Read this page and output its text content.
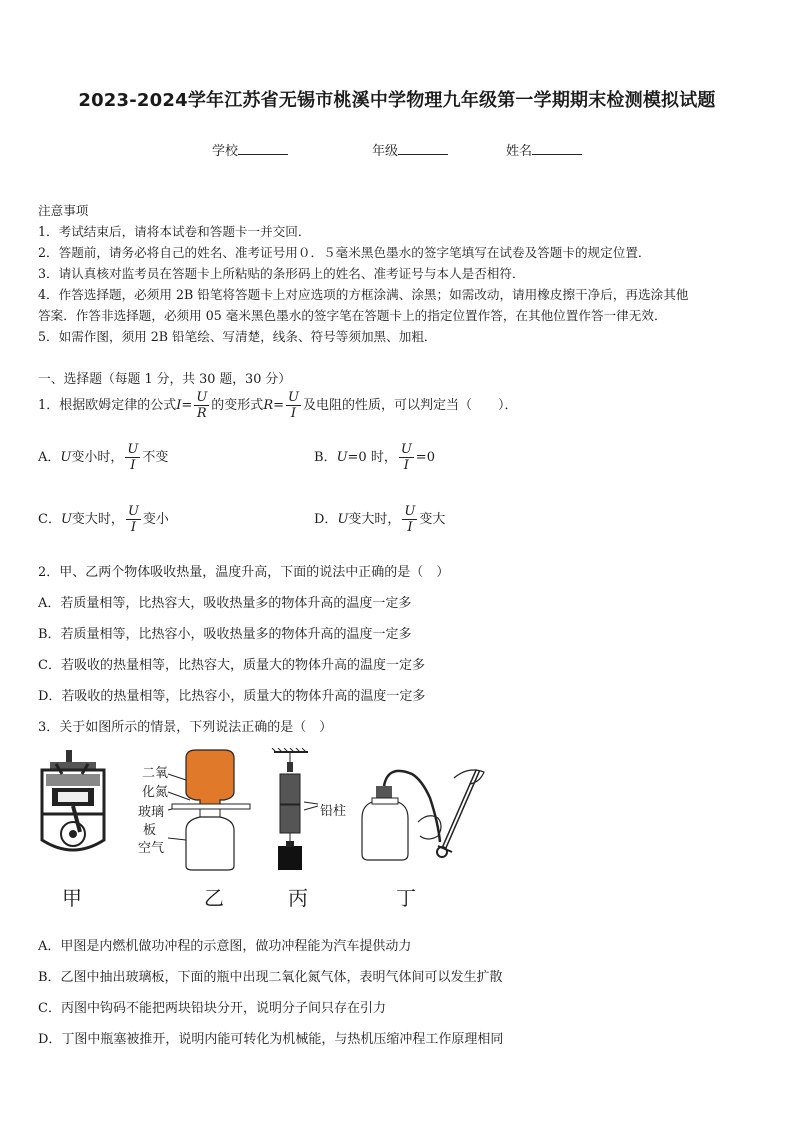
2023-2024学年江苏省无锡市桃溪中学物理九年级第一学期期末检测模拟试题
学校	年级	姓名
注意事项
1．考试结束后，请将本试卷和答题卡一并交回．
2．答题前，请务必将自己的姓名、准考证号用０．５毫米黑色墨水的签字笔填写在试卷及答题卡的规定位置．
3．请认真核对监考员在答题卡上所粘贴的条形码上的姓名、准考证号与本人是否相符．
4．作答选择题，必须用 2B 铅笔将答题卡上对应选项的方框涂满、涂黑；如需改动，请用橡皮擦干净后，再选涂其他
答案．作答非选择题，必须用 05 毫米黑色墨水的签字笔在答题卡上的指定位置作答，在其他位置作答一律无效．
5．如需作图，须用 2B 铅笔绘、写清楚，线条、符号等须加黑、加粗．
一、选择题（每题 1 分，共 30 题，30 分）
1．根据欧姆定律的公式$I= \frac{U}{R}$ 的变形式$R= \frac{U}{I}$ 及电阻的性质，可以判定当（　　）．
A．U变小时， $\frac{U}{I}$ 不变	B．U=0 时， $\frac{U}{I} =0$
C．U变大时， $\frac{U}{I}$ 变小	D．U变大时， $\frac{U}{I}$ 变大
2．甲、乙两个物体吸收热量，温度升高，下面的说法中正确的是（　）
A．若质量相等，比热容大，吸收热量多的物体升高的温度一定多
B．若质量相等，比热容小，吸收热量多的物体升高的温度一定多
C．若吸收的热量相等，比热容大，质量大的物体升高的温度一定多
D．若吸收的热量相等，比热容小，质量大的物体升高的温度一定多
3．关于如图所示的情景，下列说法正确的是（　）
二氧
化氮
玻璃
板
空气
铅柱
甲	乙	丙	丁
A．甲图是内燃机做功冲程的示意图，做功冲程能为汽车提供动力
B．乙图中抽出玻璃板，下面的瓶中出现二氧化氮气体，表明气体间可以发生扩散
C．丙图中钩码不能把两块铅块分开，说明分子间只存在引力
D．丁图中瓶塞被推开，说明内能可转化为机械能，与热机压缩冲程工作原理相同
